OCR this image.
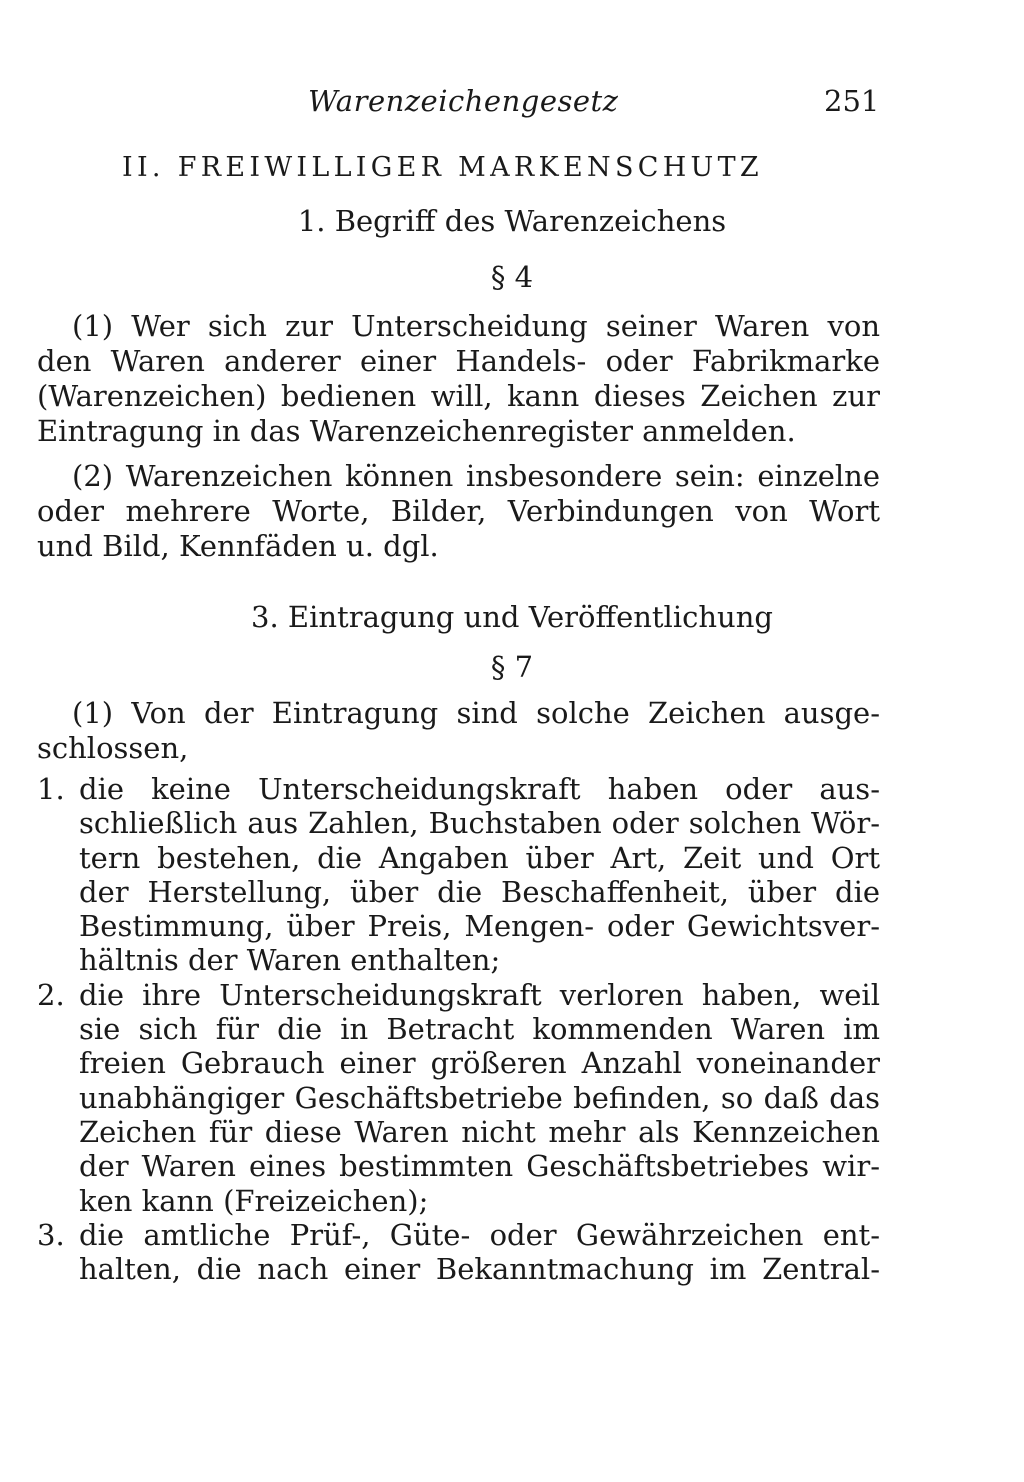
Warenzeichengesetz	251
II. FREIWILLIGER MARKENSCHUTZ
1. Begriff des Warenzeichens
§ 4
(1) Wer sich zur Unterscheidung seiner Waren von
den Waren anderer einer Handels- oder Fabrikmarke
(Warenzeichen) bedienen will, kann dieses Zeichen zur
Eintragung in das Warenzeichenregister anmelden.
(2) Warenzeichen können insbesondere sein: einzelne
oder mehrere Worte, Bilder, Verbindungen von Wort
und Bild, Kennfäden u. dgl.
3. Eintragung und Veröffentlichung
§ 7
(1) Von der Eintragung sind solche Zeichen ausge-
schlossen,
1. die keine Unterscheidungskraft haben oder aus-
schließlich aus Zahlen, Buchstaben oder solchen Wör-
tern bestehen, die Angaben über Art, Zeit und Ort
der Herstellung, über die Beschaffenheit, über die
Bestimmung, über Preis, Mengen- oder Gewichtsver-
hältnis der Waren enthalten;
2. die ihre Unterscheidungskraft verloren haben, weil
sie sich für die in Betracht kommenden Waren im
freien Gebrauch einer größeren Anzahl voneinander
unabhängiger Geschäftsbetriebe befinden, so daß das
Zeichen für diese Waren nicht mehr als Kennzeichen
der Waren eines bestimmten Geschäftsbetriebes wir-
ken kann (Freizeichen);
3. die amtliche Prüf-, Güte- oder Gewährzeichen ent-
halten, die nach einer Bekanntmachung im Zentral-
